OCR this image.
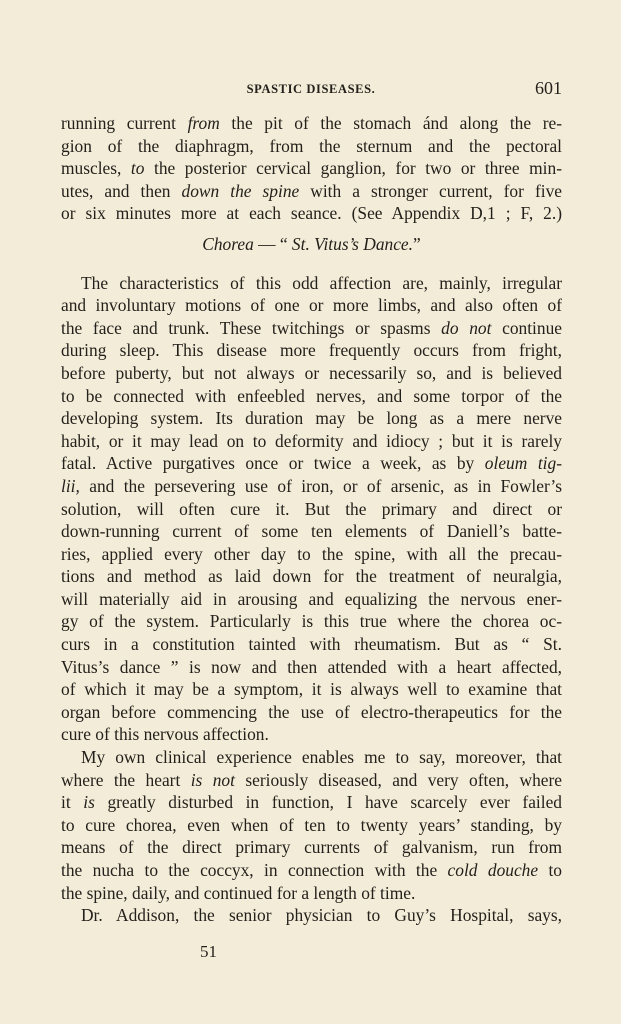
SPASTIC DISEASES.	601
running current from the pit of the stomach ánd along the re-
gion of the diaphragm, from the sternum and the pectoral
muscles, to the posterior cervical ganglion, for two or three min-
utes, and then down the spine with a stronger current, for five
or six minutes more at each seance. (See Appendix D,1 ; F, 2.)
Chorea — “ St. Vitus’s Dance.”
The characteristics of this odd affection are, mainly, irregular
and involuntary motions of one or more limbs, and also often of
the face and trunk. These twitchings or spasms do not continue
during sleep. This disease more frequently occurs from fright,
before puberty, but not always or necessarily so, and is believed
to be connected with enfeebled nerves, and some torpor of the
developing system. Its duration may be long as a mere nerve
habit, or it may lead on to deformity and idiocy ; but it is rarely
fatal. Active purgatives once or twice a week, as by oleum tig-
lii, and the persevering use of iron, or of arsenic, as in Fowler’s
solution, will often cure it. But the primary and direct or
down-running current of some ten elements of Daniell’s batte-
ries, applied every other day to the spine, with all the precau-
tions and method as laid down for the treatment of neuralgia,
will materially aid in arousing and equalizing the nervous ener-
gy of the system. Particularly is this true where the chorea oc-
curs in a constitution tainted with rheumatism. But as “ St.
Vitus’s dance ” is now and then attended with a heart affected,
of which it may be a symptom, it is always well to examine that
organ before commencing the use of electro-therapeutics for the
cure of this nervous affection.
My own clinical experience enables me to say, moreover, that
where the heart is not seriously diseased, and very often, where
it is greatly disturbed in function, I have scarcely ever failed
to cure chorea, even when of ten to twenty years’ standing, by
means of the direct primary currents of galvanism, run from
the nucha to the coccyx, in connection with the cold douche to
the spine, daily, and continued for a length of time.
Dr. Addison, the senior physician to Guy’s Hospital, says,
51
